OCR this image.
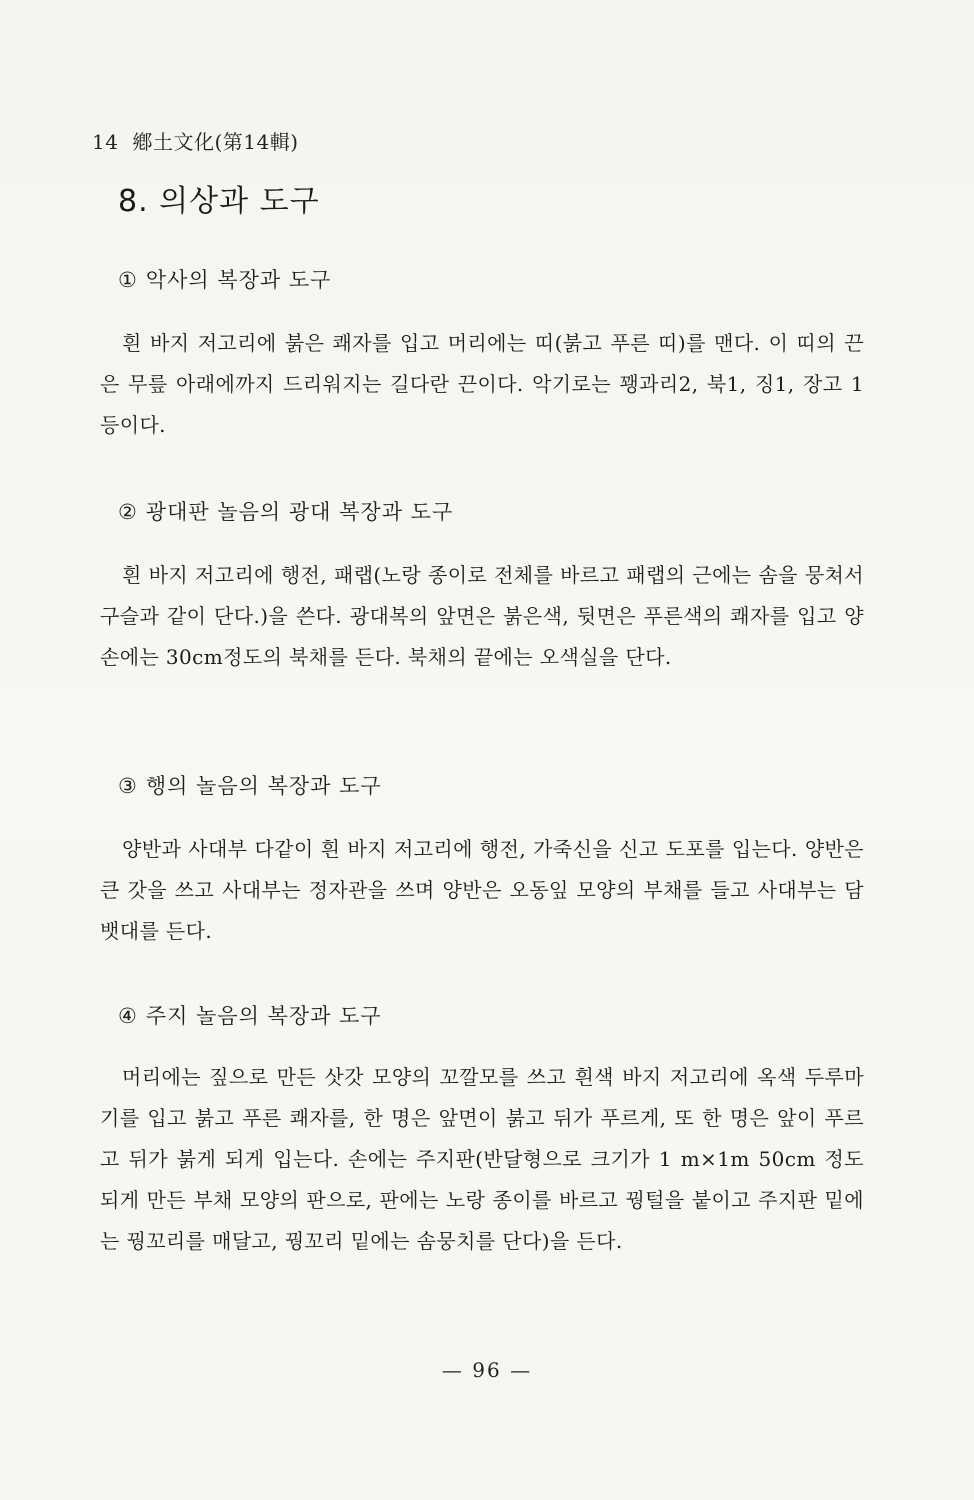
14 鄕土文化(第14輯)
8. 의상과 도구
① 악사의 복장과 도구

흰 바지 저고리에 붉은 쾌자를 입고 머리에는 띠(붉고 푸른 띠)를 맨다. 이 띠의 끈은 무릎 아래에까지 드리워지는 길다란 끈이다. 악기로는 꽹과리2, 북1, 징1, 장고 1 등이다.

② 광대판 놀음의 광대 복장과 도구

흰 바지 저고리에 행전, 패랩(노랑 종이로 전체를 바르고 패랩의 근에는 솜을 뭉쳐서 구슬과 같이 단다.)을 쓴다. 광대복의 앞면은 붉은색, 뒷면은 푸른색의 쾌자를 입고 양손에는 30cm정도의 북채를 든다. 북채의 끝에는 오색실을 단다.

③ 행의 놀음의 복장과 도구

양반과 사대부 다같이 흰 바지 저고리에 행전, 가죽신을 신고 도포를 입는다. 양반은 큰 갓을 쓰고 사대부는 정자관을 쓰며 양반은 오동잎 모양의 부채를 들고 사대부는 담뱃대를 든다.

④ 주지 놀음의 복장과 도구

머리에는 짚으로 만든 삿갓 모양의 꼬깔모를 쓰고 흰색 바지 저고리에 옥색 두루마기를 입고 붉고 푸른 쾌자를, 한 명은 앞면이 붉고 뒤가 푸르게, 또 한 명은 앞이 푸르고 뒤가 붉게 되게 입는다. 손에는 주지판(반달형으로 크기가 1 m×1m 50cm 정도 되게 만든 부채 모양의 판으로, 판에는 노랑 종이를 바르고 꿩털을 붙이고 주지판 밑에는 꿩꼬리를 매달고, 꿩꼬리 밑에는 솜뭉치를 단다)을 든다.

— 96 —
